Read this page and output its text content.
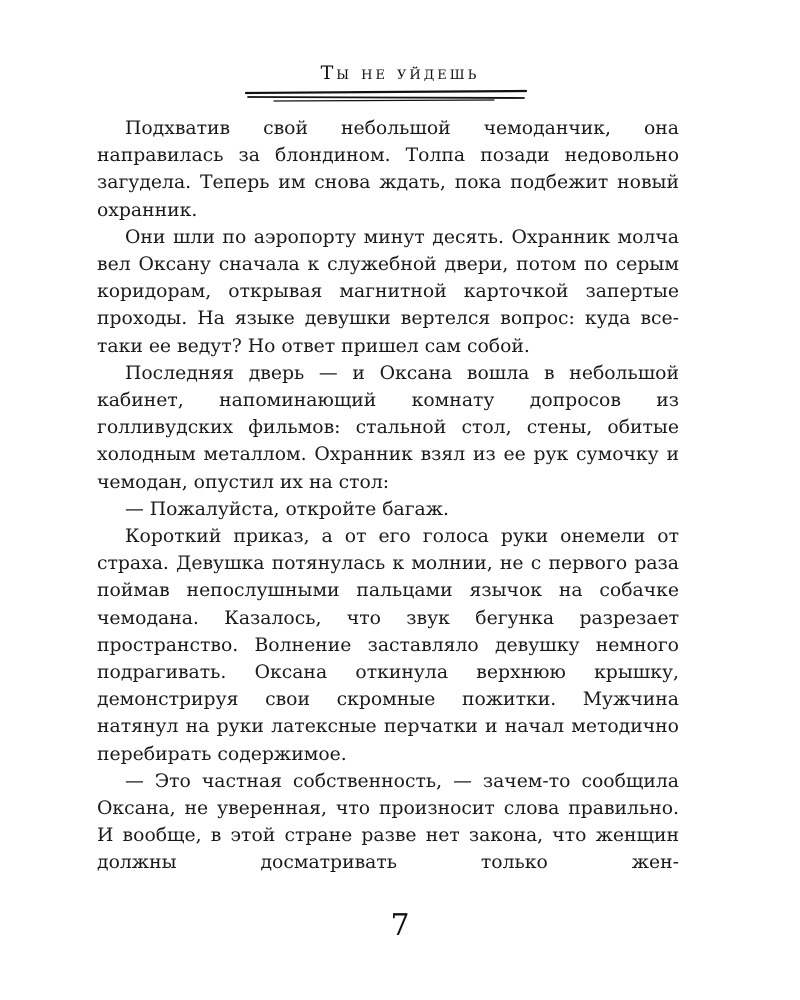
Ты не уйдешь

Подхватив свой небольшой чемоданчик, она направилась за блондином. Толпа позади недовольно загудела. Теперь им снова ждать, пока подбежит новый охранник.

Они шли по аэропорту минут десять. Охранник молча вел Оксану сначала к служебной двери, потом по серым коридорам, открывая магнитной карточкой запертые проходы. На языке девушки вертелся вопрос: куда все-таки ее ведут? Но ответ пришел сам собой.

Последняя дверь — и Оксана вошла в небольшой кабинет, напоминающий комнату допросов из голливудских фильмов: стальной стол, стены, обитые холодным металлом. Охранник взял из ее рук сумочку и чемодан, опустил их на стол:

— Пожалуйста, откройте багаж.

Короткий приказ, а от его голоса руки онемели от страха. Девушка потянулась к молнии, не с первого раза поймав непослушными пальцами язычок на собачке чемодана. Казалось, что звук бегунка разрезает пространство. Волнение заставляло девушку немного подрагивать. Оксана откинула верхнюю крышку, демонстрируя свои скромные пожитки. Мужчина натянул на руки латексные перчатки и начал методично перебирать содержимое.

— Это частная собственность, — зачем-то сообщила Оксана, не уверенная, что произносит слова правильно. И вообще, в этой стране разве нет закона, что женщин должны досматривать только жен-

7
